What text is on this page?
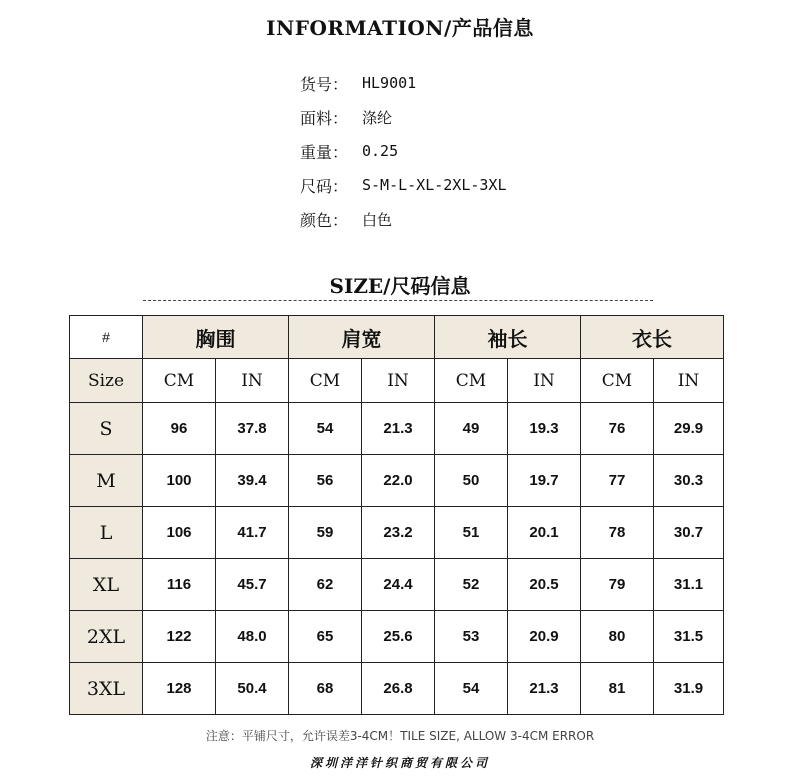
INFORMATION/产品信息
货号： HL9001
面料： 涤纶
重量： 0.25
尺码： S-M-L-XL-2XL-3XL
颜色： 白色
SIZE/尺码信息
#	胸围		肩宽		袖长		衣长	
Size	CM	IN	CM	IN	CM	IN	CM	IN
S	96	37.8	54	21.3	49	19.3	76	29.9
M	100	39.4	56	22.0	50	19.7	77	30.3
L	106	41.7	59	23.2	51	20.1	78	30.7
XL	116	45.7	62	24.4	52	20.5	79	31.1
2XL	122	48.0	65	25.6	53	20.9	80	31.5
3XL	128	50.4	68	26.8	54	21.3	81	31.9
注意：平铺尺寸，允许误差3-4CM！TILE SIZE, ALLOW 3-4CM ERROR
深圳洋洋针织商贸有限公司
